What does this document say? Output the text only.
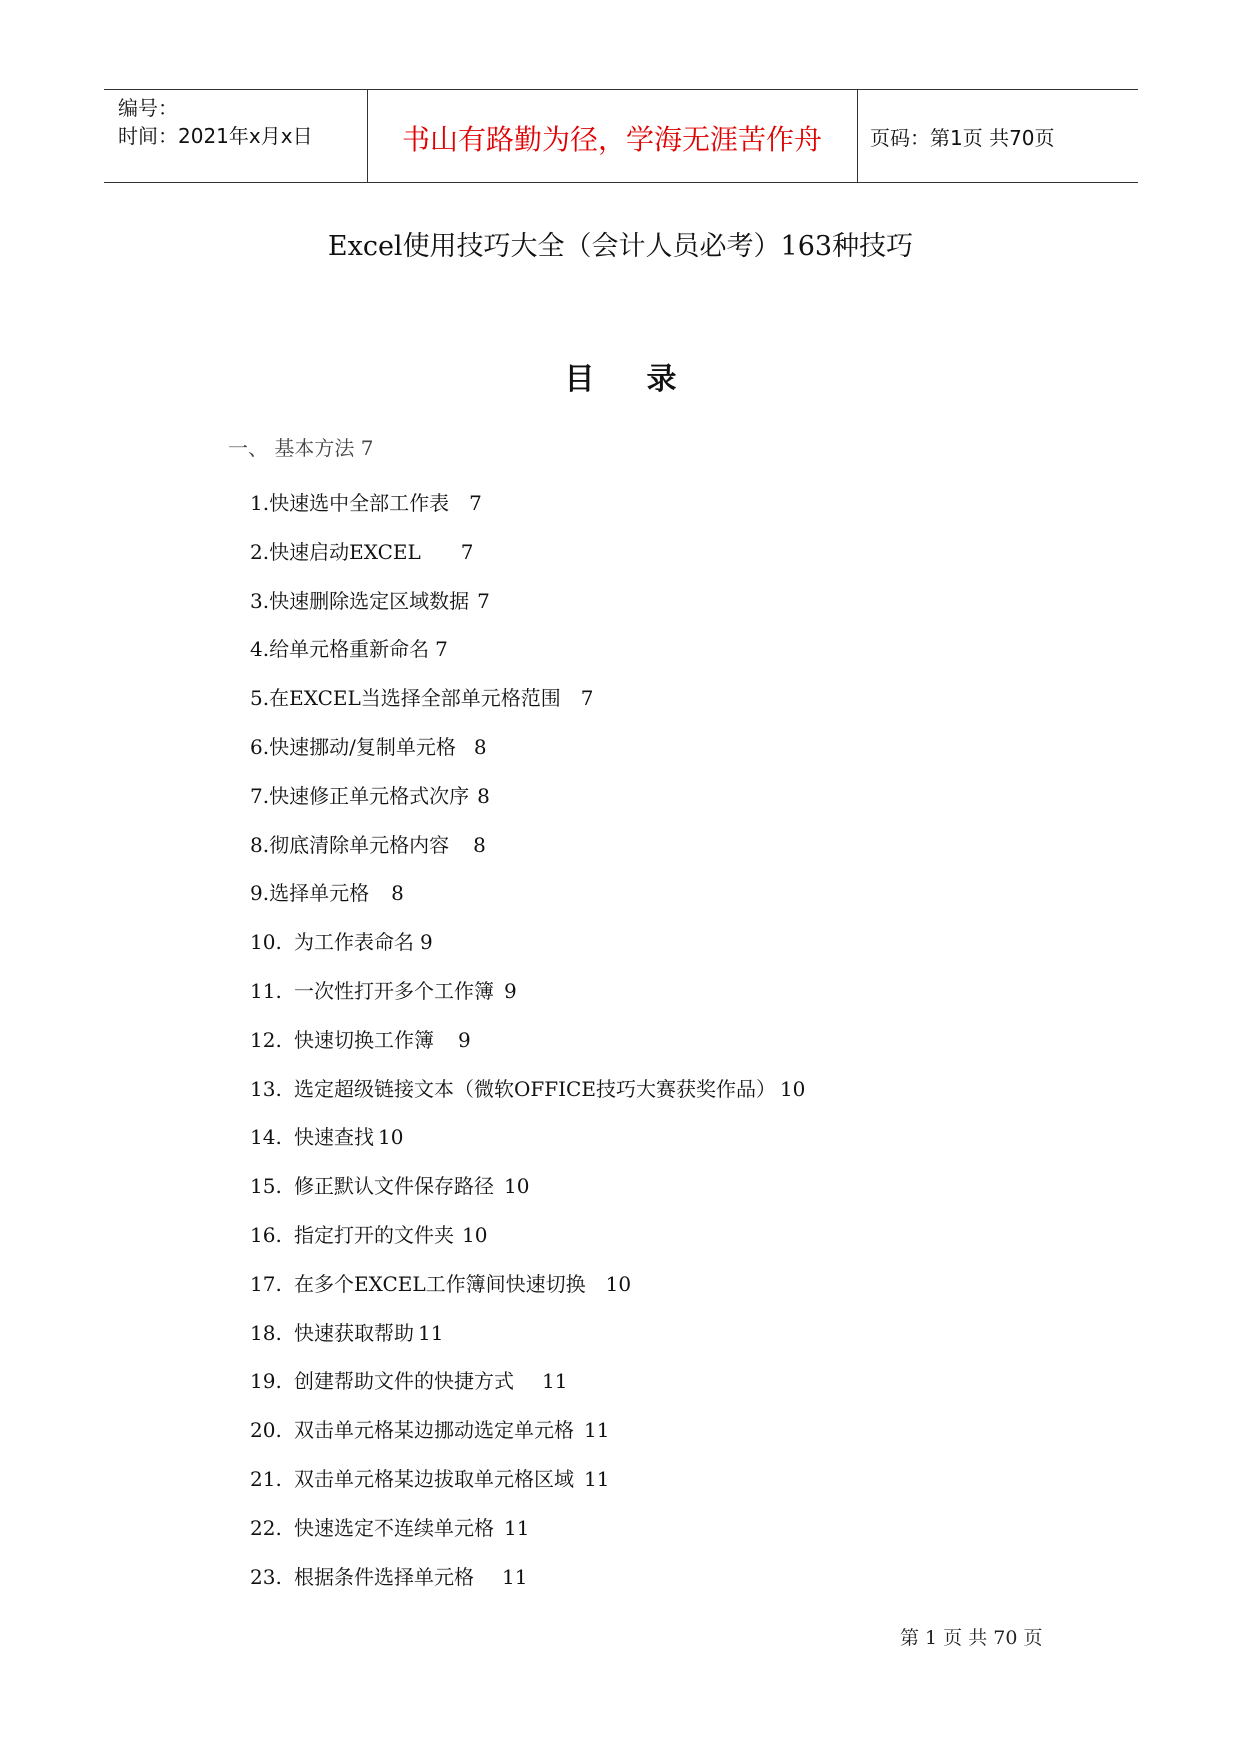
编号：
时间：2021年x月x日	书山有路勤为径，学海无涯苦作舟	页码：第1页 共70页
Excel使用技巧大全（会计人员必考）163种技巧
目录
一、 基本方法 7
1.快速选中全部工作表 7
2.快速启动EXCEL 7
3.快速删除选定区域数据 7
4.给单元格重新命名 7
5.在EXCEL当选择全部单元格范围 7
6.快速挪动/复制单元格 8
7.快速修正单元格式次序 8
8.彻底清除单元格内容 8
9.选择单元格 8
10. 为工作表命名 9
11. 一次性打开多个工作簿 9
12. 快速切换工作簿 9
13. 选定超级链接文本（微软OFFICE技巧大赛获奖作品） 10
14. 快速查找 10
15. 修正默认文件保存路径 10
16. 指定打开的文件夹 10
17. 在多个EXCEL工作簿间快速切换 10
18. 快速获取帮助 11
19. 创建帮助文件的快捷方式 11
20. 双击单元格某边挪动选定单元格 11
21. 双击单元格某边拔取单元格区域 11
22. 快速选定不连续单元格 11
23. 根据条件选择单元格 11
第 1 页 共 70 页
